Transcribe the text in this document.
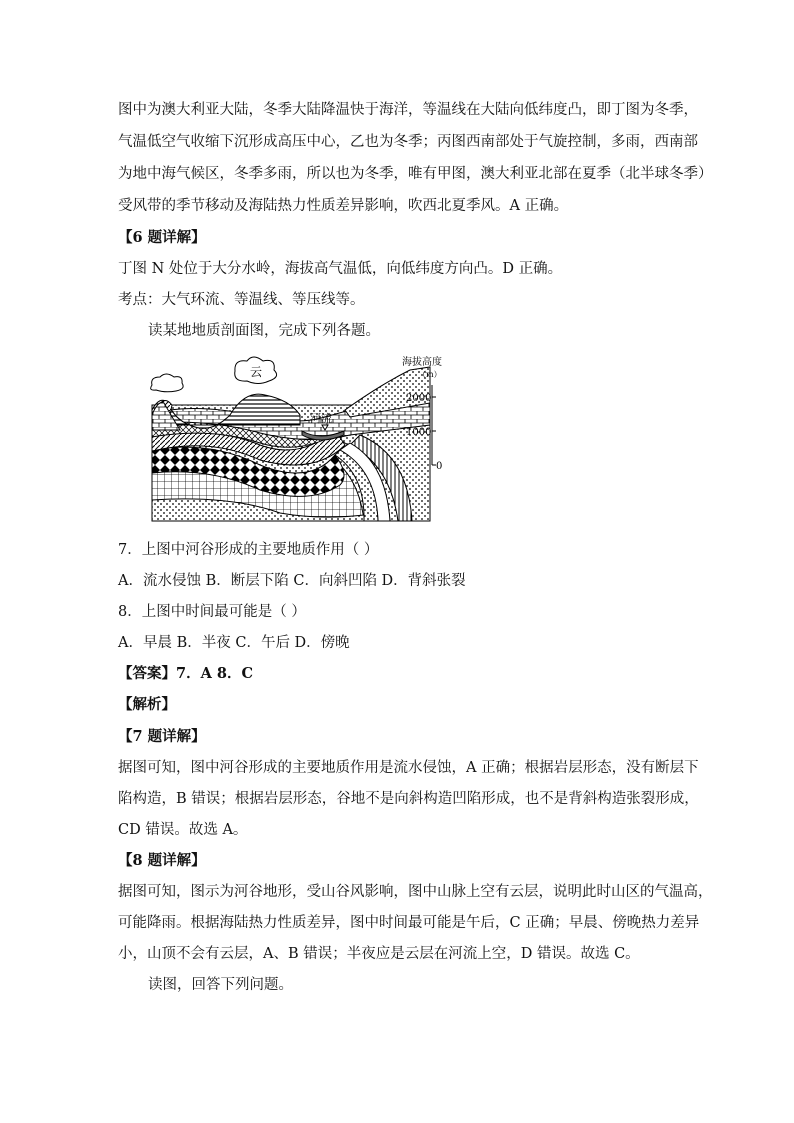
图中为澳大利亚大陆，冬季大陆降温快于海洋，等温线在大陆向低纬度凸，即丁图为冬季，
气温低空气收缩下沉形成高压中心，乙也为冬季；丙图西南部处于气旋控制，多雨，西南部
为地中海气候区，冬季多雨，所以也为冬季，唯有甲图，澳大利亚北部在夏季（北半球冬季）
受风带的季节移动及海陆热力性质差异影响，吹西北夏季风。A 正确。
【6 题详解】
丁图 N 处位于大分水岭，海拔高气温低，向低纬度方向凸。D 正确。
考点：大气环流、等温线、等压线等。
读某地地质剖面图，完成下列各题。
云
河流
海拔高度
（m）
2000
1000
0
7．上图中河谷形成的主要地质作用（ ）
A．流水侵蚀 B．断层下陷 C．向斜凹陷 D．背斜张裂
8．上图中时间最可能是（ ）
A．早晨 B．半夜 C．午后 D．傍晚
【答案】7．A 8．C
【解析】
【7 题详解】
据图可知，图中河谷形成的主要地质作用是流水侵蚀，A 正确；根据岩层形态，没有断层下
陷构造，B 错误；根据岩层形态，谷地不是向斜构造凹陷形成，也不是背斜构造张裂形成，
CD 错误。故选 A。
【8 题详解】
据图可知，图示为河谷地形，受山谷风影响，图中山脉上空有云层，说明此时山区的气温高，
可能降雨。根据海陆热力性质差异，图中时间最可能是午后，C 正确；早晨、傍晚热力差异
小，山顶不会有云层，A、B 错误；半夜应是云层在河流上空，D 错误。故选 C。
读图，回答下列问题。
